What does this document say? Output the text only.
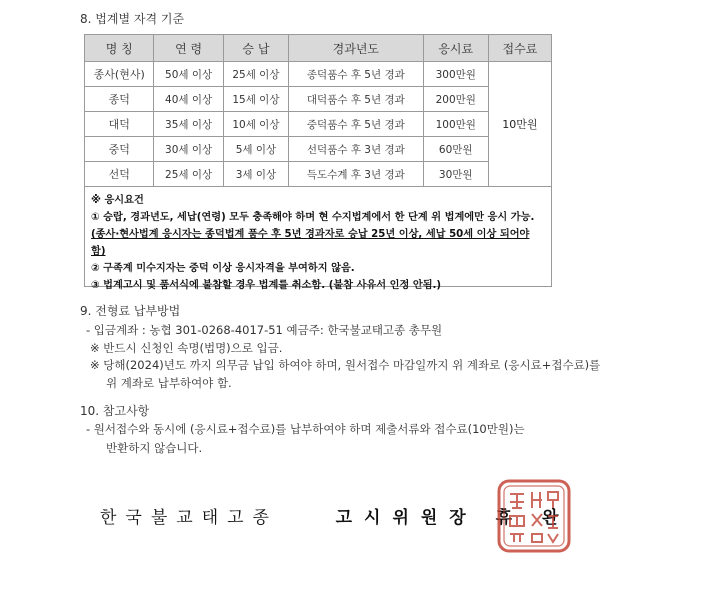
8. 법계별 자격 기준
명 칭	연 령	승 납	경과년도	응시료	접수료
종사(현사)	50세 이상	25세 이상	종덕품수 후 5년 경과	300만원	10만원
종덕	40세 이상	15세 이상	대덕품수 후 5년 경과	200만원	
대덕	35세 이상	10세 이상	중덕품수 후 5년 경과	100만원	
중덕	30세 이상	5세 이상	선덕품수 후 3년 경과	60만원	
선덕	25세 이상	3세 이상	득도수계 후 3년 경과	30만원	
※ 응시요건
① 승랍, 경과년도, 세납(연령) 모두 충족해야 하며 현 수지법계에서 한 단계 위 법계에만 응시 가능.
(종사·현사법계 응시자는 종덕법계 품수 후 5년 경과자로 승납 25년 이상, 세납 50세 이상 되어야 함)
② 구족계 미수지자는 중덕 이상 응시자격을 부여하지 않음.
③ 법계고시 및 품서식에 불참할 경우 법계를 취소함. (불참 사유서 인정 안됨.)
9. 전형료 납부방법
- 입금계좌 : 농협 301-0268-4017-51 예금주: 한국불교태고종 총무원
※ 반드시 신청인 속명(법명)으로 입금.
※ 당해(2024)년도 까지 의무금 납입 하여야 하며, 원서접수 마감일까지 위 계좌로 (응시료+접수료)를
위 계좌로 납부하여야 함.
10. 참고사항
- 원서접수와 동시에 (응시료+접수료)를 납부하여야 하며 제출서류와 접수료(10만원)는
반환하지 않습니다.
한국불교태고종	고시위원장 휴 완
